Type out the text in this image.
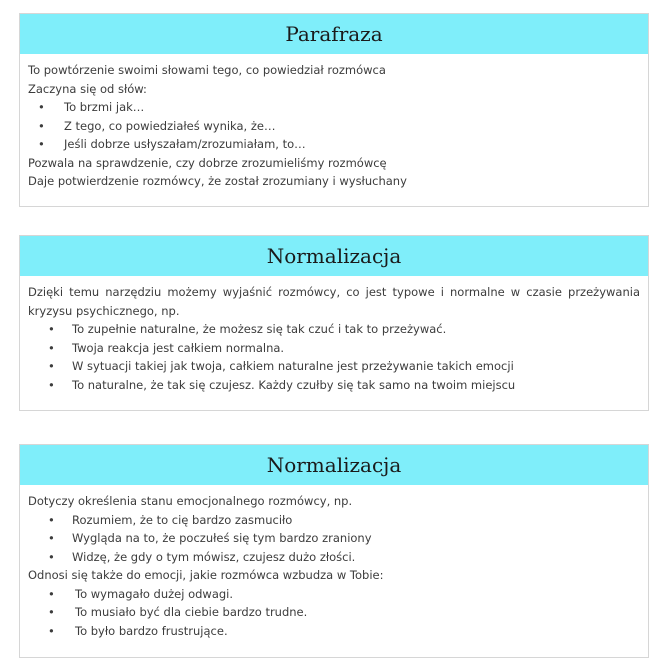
Parafraza
To powtórzenie swoimi słowami tego, co powiedział rozmówca
Zaczyna się od słów:
• To brzmi jak…
• Z tego, co powiedziałeś wynika, że…
• Jeśli dobrze usłyszałam/zrozumiałam, to…
Pozwala na sprawdzenie, czy dobrze zrozumieliśmy rozmówcę
Daje potwierdzenie rozmówcy, że został zrozumiany i wysłuchany
Normalizacja
Dzięki temu narzędziu możemy wyjaśnić rozmówcy, co jest typowe i normalne w czasie przeżywania kryzysu psychicznego, np.
• To zupełnie naturalne, że możesz się tak czuć i tak to przeżywać.
• Twoja reakcja jest całkiem normalna.
• W sytuacji takiej jak twoja, całkiem naturalne jest przeżywanie takich emocji
• To naturalne, że tak się czujesz. Każdy czułby się tak samo na twoim miejscu
Normalizacja
Dotyczy określenia stanu emocjonalnego rozmówcy, np.
• Rozumiem, że to cię bardzo zasmuciło
• Wygląda na to, że poczułeś się tym bardzo zraniony
• Widzę, że gdy o tym mówisz, czujesz dużo złości.
Odnosi się także do emocji, jakie rozmówca wzbudza w Tobie:
• To wymagało dużej odwagi.
• To musiało być dla ciebie bardzo trudne.
• To było bardzo frustrujące.
